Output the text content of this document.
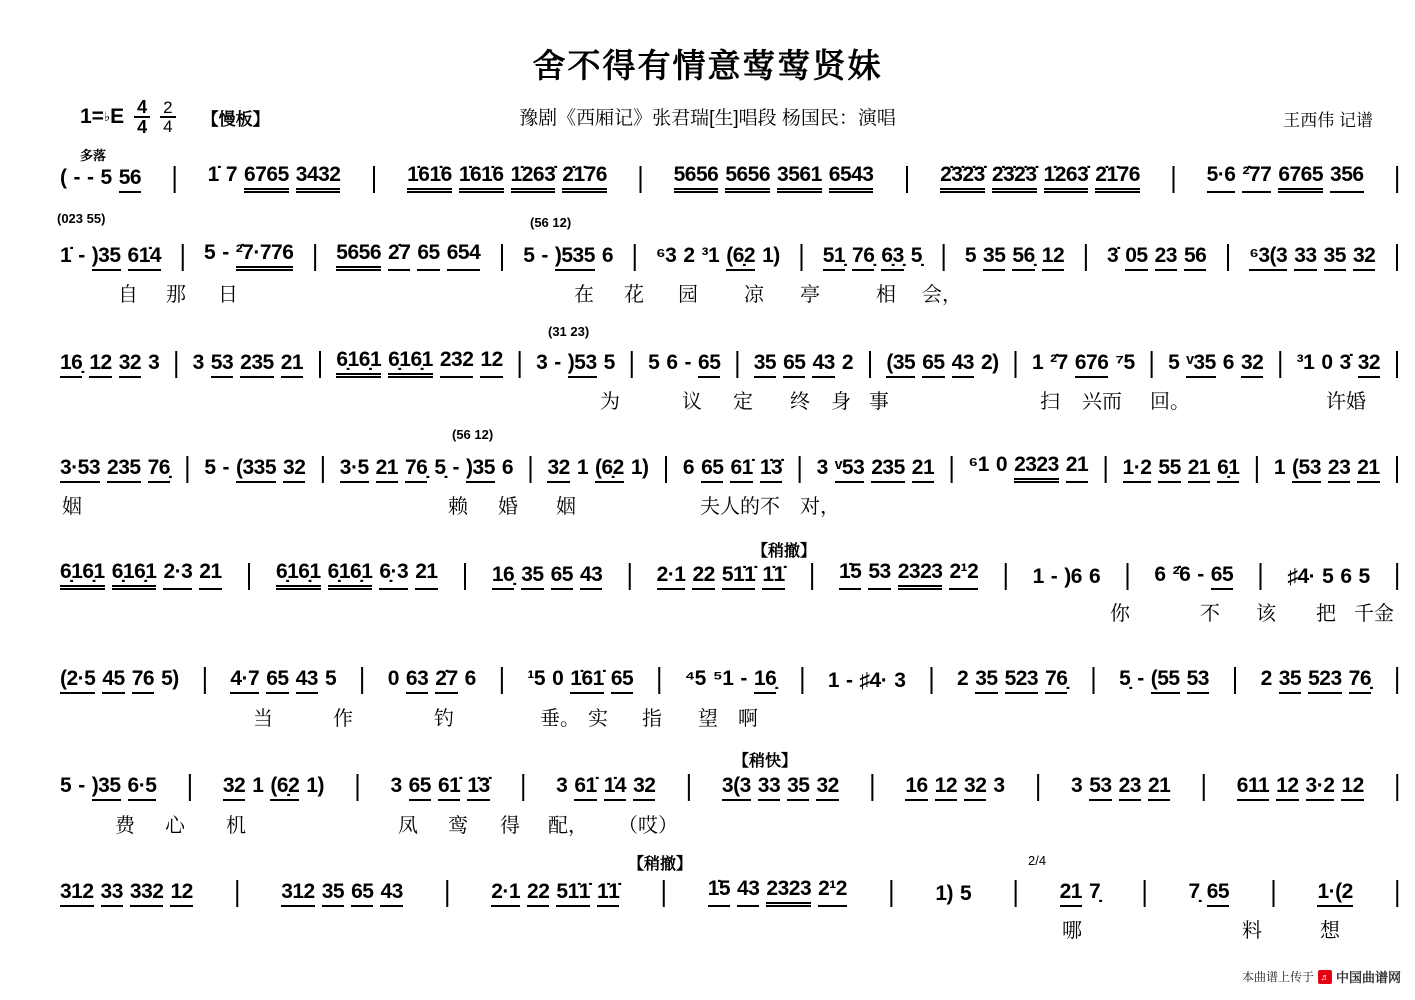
舍不得有情意莺莺贤妹
豫剧《西厢记》张君瑞[生]唱段 杨国民：演唱	王西伟 记谱
1= ♭ E $\frac{4}{4} \frac{2}{4}$ 【慢板】
( - - 5 56 | 1̇ 7 6765 3432 | 1̇61̇6 1̇61̇6 1̇263̇ 2̇1̇76 | 5656 5656 3561 6543 | 2̇3̇2̇3̇ 2̇3̇2̇3̇ 1̇263̇ 2̇1̇76 | 5·6 ²̇77 6765 356 |
多落
1̇ - )35 61̇4 | 5 - ²̇7·776 | 5656 2̇7 65 654 | 5 - )535 6 | ⁶3 2 ³1 (6̣2 1) | 51̣ 76̣ 6̣3̣ 5̣ | 5 35 56̣ 12 | 3̇ 05 23 56 | ⁶3(3 33 35 32 |
自 那 日	在 花 园 凉 亭	相 会，
(023 55)	(56 12)
16̣ 12 32 3 | 3 53 235 21 | 6̣16̣1 6̣16̣1 232 12 | 3 - )53 5 | 5 6 - 65 | 35 65 43 2 | (35 65 43 2) | 1 ²̇7 676 ⁷5 | 5 ᵛ35 6 32 | ³1 0 3̇ 32 |
为	议 定 终 身 事	扫 兴而 回。	许婚
(31 23)
3·53 235 76̣ | 5 - (335 32 | 3·5 21 76̣ 5̣ - )35 6 | 32 1 (6̣2 1) | 6 65 61̇ 1̇3̇ | 3 ᵛ53 235 21 | ⁶1 0 2323 21 | 1·2 55 21 6̣1 | 1 (53 23 21 |
姻	赖 婚 姻	夫人的不 对，
(56 12)
6̣16̣1 6̣16̣1 2·3 21 | 6̣16̣1 6̣16̣1 6̣·3 21 | 16̣ 35 65 43 | 2·1 22 51̇1̇ 1̇1̇ | 1̇5 53 2323 2¹2 | 1 - )6 6 | 6 ²̇6 - 65 | ♯4· 5 6 5 |
你	不 该 把 千金
【稍撤】
(2·5 45 76 5) | 4·7 65 43 5 | 0 63 2̇7 6 | ¹5 0 1̇61̇ 65 | ⁴5 ⁵1 - 16̣ | 1 - ♯4· 3 | 2 35 523 76̣ | 5̣ - (55 53 | 2 35 523 76̣ |
当	作	钓	垂。 实 指 望 啊
5 - )35 6·5 | 32 1 (6̣2 1) | 3 65 61̇ 1̇3̇ | 3 61̇ 1̇4 32 | 3(3 33 35 32 | 16 12 32 3 | 3 53 23 21 | 611 12 3·2 12 |
费 心 机	凤 鸾 得 配， （哎）
【稍快】
312 33 332 12 | 312 35 65 43 | 2·1 22 51̇1̇ 1̇1̇ | 1̇5 43 2323 2¹2 | 1) 5 | 21 7̣ | 7̣ 65 | 1·(2 |
哪	料	想
【稍撤】	2/4
本曲谱上传于 ♬ 中国曲谱网
